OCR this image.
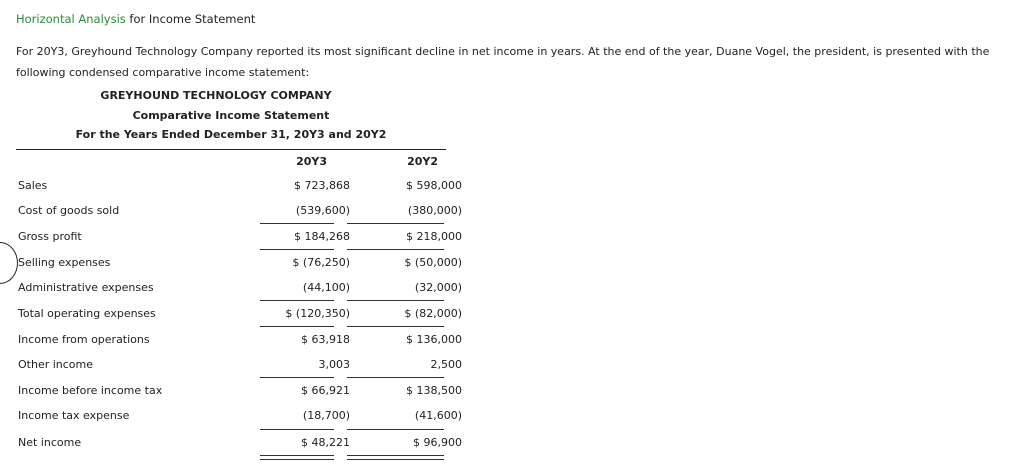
Horizontal Analysis for Income Statement
For 20Y3, Greyhound Technology Company reported its most significant decline in net income in years. At the end of the year, Duane Vogel, the president, is presented with the following condensed comparative income statement:
GREYHOUND TECHNOLOGY COMPANY
Comparative Income Statement
For the Years Ended December 31, 20Y3 and 20Y2
20Y3	20Y2
Sales	$ 723,868	$ 598,000
Cost of goods sold	(539,600)	(380,000)
Gross profit	$ 184,268	$ 218,000
Selling expenses	$ (76,250)	$ (50,000)
Administrative expenses	(44,100)	(32,000)
Total operating expenses	$ (120,350)	$ (82,000)
Income from operations	$ 63,918	$ 136,000
Other income	3,003	2,500
Income before income tax	$ 66,921	$ 138,500
Income tax expense	(18,700)	(41,600)
Net income	$ 48,221	$ 96,900
